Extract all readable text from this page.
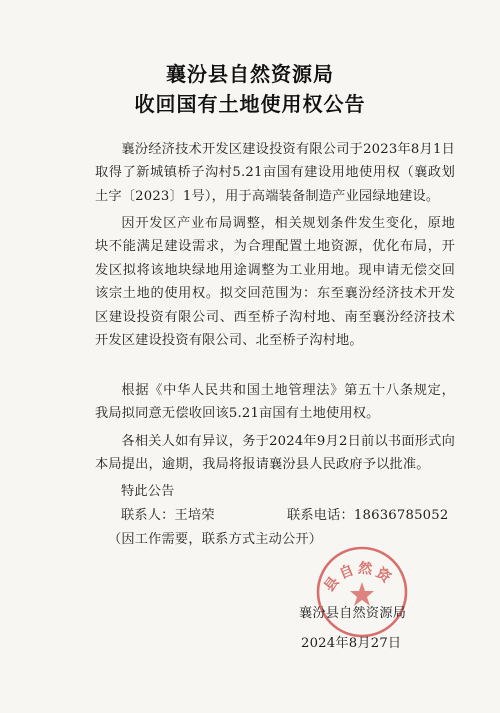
襄汾县自然资源局
收回国有土地使用权公告

襄汾经济技术开发区建设投资有限公司于2023年8月1日取得了新城镇桥子沟村5.21亩国有建设用地使用权（襄政划土字〔2023〕1号），用于高端装备制造产业园绿地建设。

因开发区产业布局调整，相关规划条件发生变化，原地块不能满足建设需求，为合理配置土地资源，优化布局，开发区拟将该地块绿地用途调整为工业用地。现申请无偿交回该宗土地的使用权。拟交回范围为：东至襄汾经济技术开发区建设投资有限公司、西至桥子沟村地、南至襄汾经济技术开发区建设投资有限公司、北至桥子沟村地。

根据《中华人民共和国土地管理法》第五十八条规定，我局拟同意无偿收回该5.21亩国有土地使用权。

各相关人如有异议，务于2024年9月2日前以书面形式向本局提出，逾期，我局将报请襄汾县人民政府予以批准。

特此公告
联系人：王培荣	联系电话：18636785052
（因工作需要，联系方式主动公开）
县自然资
襄汾县自然资源局
2024年8月27日
